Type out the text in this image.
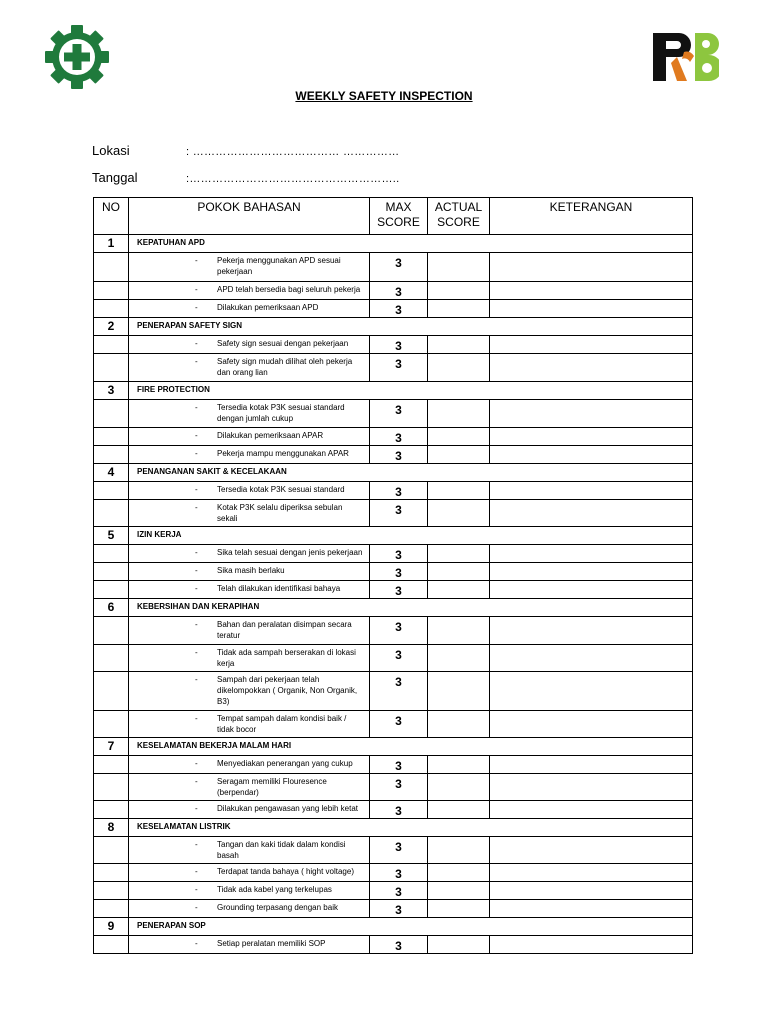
WEEKLY SAFETY INSPECTION
Lokasi	: ………………………………… ……………
Tanggal	:………………………………………………..
NO	POKOK BAHASAN	MAX SCORE	ACTUAL SCORE	KETERANGAN
1	KEPATUHAN APD			

	- Pekerja menggunakan APD sesuai pekerjaan	3		

	- APD telah bersedia bagi seluruh pekerja	3		

	- Dilakukan pemeriksaan APD	3		
2	PENERAPAN SAFETY SIGN			

	- Safety sign sesuai dengan pekerjaan	3		

	- Safety sign mudah dilihat oleh pekerja dan orang lian	3		
3	FIRE PROTECTION			

	- Tersedia kotak P3K sesuai standard dengan jumlah cukup	3		

	- Dilakukan pemeriksaan APAR	3		

	- Pekerja mampu menggunakan APAR	3		
4	PENANGANAN SAKIT & KECELAKAAN			

	- Tersedia kotak P3K sesuai standard	3		

	- Kotak P3K selalu diperiksa sebulan sekali	3		
5	IZIN KERJA			

	- Sika telah sesuai dengan jenis pekerjaan	3		

	- Sika masih berlaku	3		

	- Telah dilakukan identifikasi bahaya	3		
6	KEBERSIHAN DAN KERAPIHAN			

	- Bahan dan peralatan disimpan secara teratur	3		

	- Tidak ada sampah berserakan di lokasi kerja	3		

	- Sampah dari pekerjaan telah dikelompokkan ( Organik, Non Organik, B3)	3		

	- Tempat sampah dalam kondisi baik / tidak bocor	3		
7	KESELAMATAN BEKERJA MALAM HARI			

	- Menyediakan penerangan yang cukup	3		

	- Seragam memiliki Flouresence (berpendar)	3		

	- Dilakukan pengawasan yang lebih ketat	3		
8	KESELAMATAN LISTRIK			

	- Tangan dan kaki tidak dalam kondisi basah	3		

	- Terdapat tanda bahaya ( hight voltage)	3		

	- Tidak ada kabel yang terkelupas	3		

	- Grounding terpasang dengan baik	3		
9	PENERAPAN SOP			

	- Setiap peralatan memiliki SOP	3		
